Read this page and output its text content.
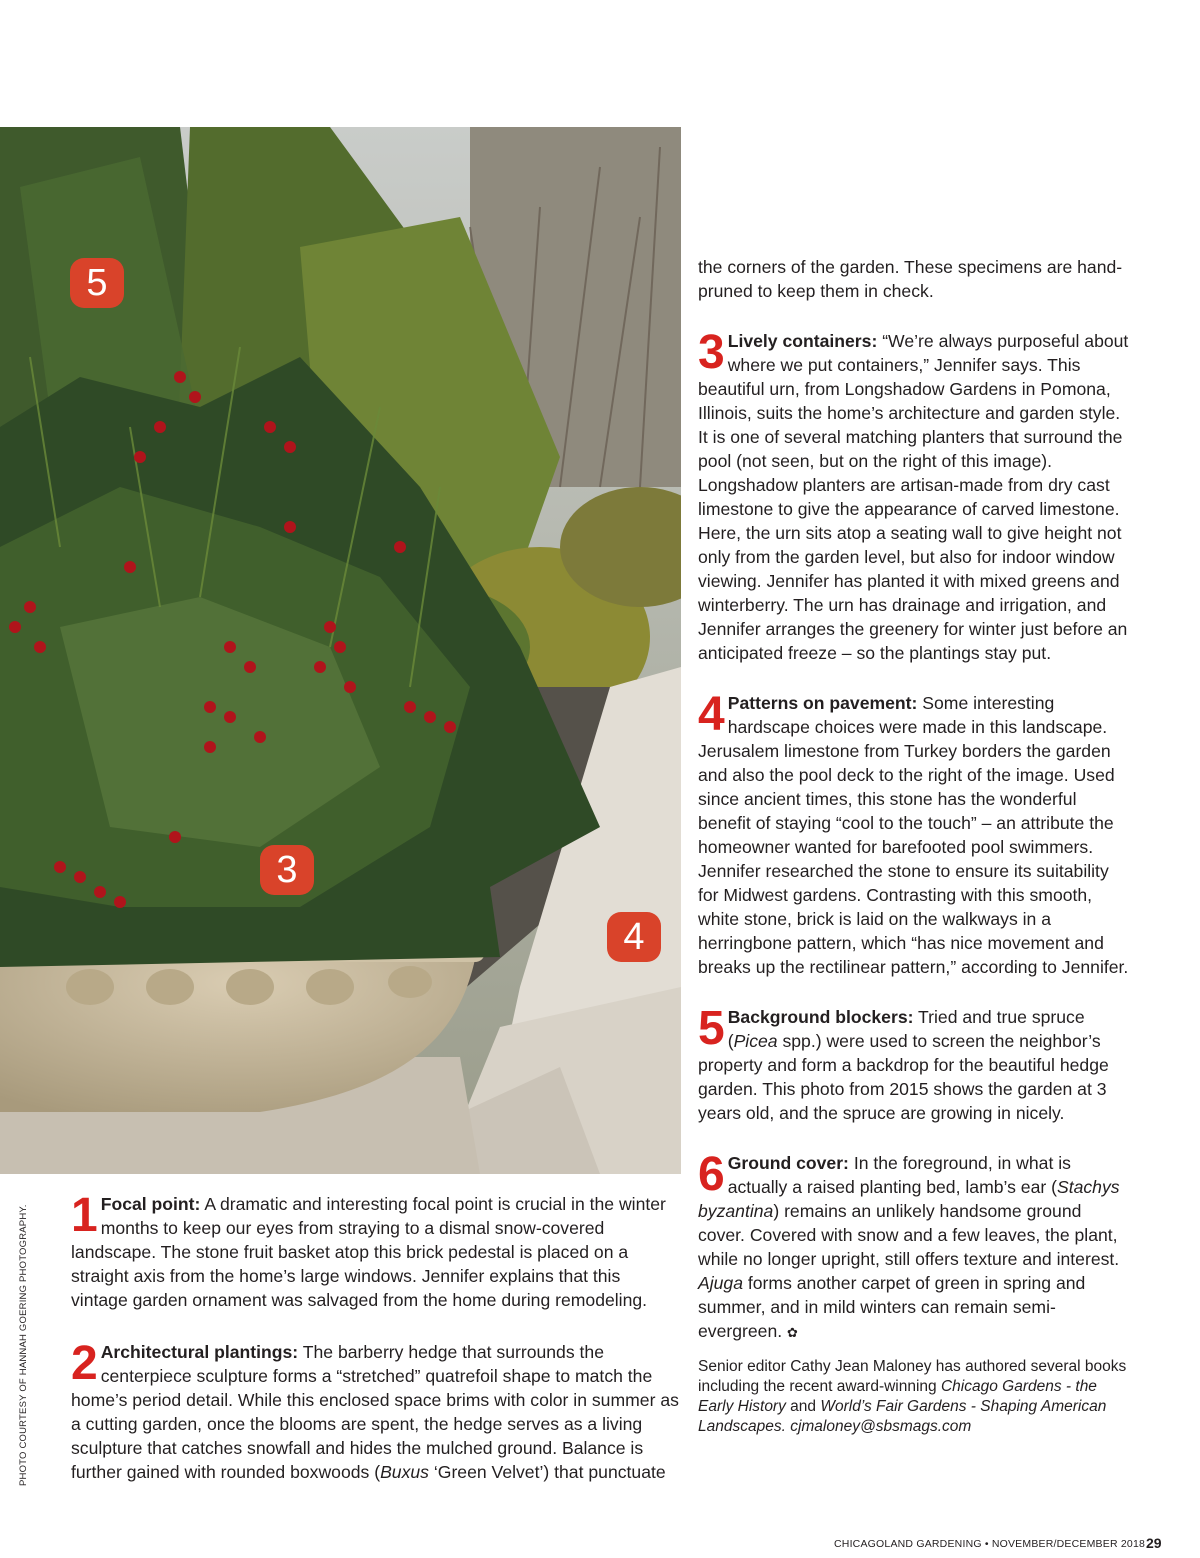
5
3
4
PHOTO COURTESY OF HANNAH GOERING PHOTOGRAPHY. 1 Focal point: A dramatic and interesting focal point is crucial in the winter months to keep our eyes from straying to a dismal snow-covered landscape. The stone fruit basket atop this brick pedestal is placed on a straight axis from the home’s large windows. Jennifer explains that this vintage garden ornament was salvaged from the home during remodeling.

2 Architectural plantings: The barberry hedge that surrounds the centerpiece sculpture forms a “stretched” quatrefoil shape to match the home’s period detail. While this enclosed space brims with color in summer as a cutting garden, once the blooms are spent, the hedge serves as a living sculpture that catches snowfall and hides the mulched ground. Balance is further gained with rounded boxwoods (Buxus ‘Green Velvet’) that punctuate

the corners of the garden. These specimens are hand-pruned to keep them in check.

3 Lively containers: “We’re always purposeful about where we put containers,” Jennifer says. This beautiful urn, from Longshadow Gardens in Pomona, Illinois, suits the home’s architecture and garden style. It is one of several matching planters that surround the pool (not seen, but on the right of this image). Longshadow planters are artisan-made from dry cast limestone to give the appearance of carved limestone. Here, the urn sits atop a seating wall to give height not only from the garden level, but also for indoor window viewing. Jennifer has planted it with mixed greens and winterberry. The urn has drainage and irrigation, and Jennifer arranges the greenery for winter just before an anticipated freeze – so the plantings stay put.

4 Patterns on pavement: Some interesting hardscape choices were made in this landscape. Jerusalem limestone from Turkey borders the garden and also the pool deck to the right of the image. Used since ancient times, this stone has the wonderful benefit of staying “cool to the touch” – an attribute the homeowner wanted for barefooted pool swimmers. Jennifer researched the stone to ensure its suitability for Midwest gardens. Contrasting with this smooth, white stone, brick is laid on the walkways in a herringbone pattern, which “has nice movement and breaks up the rectilinear pattern,” according to Jennifer.

5 Background blockers: Tried and true spruce (Picea spp.) were used to screen the neighbor’s property and form a backdrop for the beautiful hedge garden. This photo from 2015 shows the garden at 3 years old, and the spruce are growing in nicely.

6 Ground cover: In the foreground, in what is actually a raised planting bed, lamb’s ear (Stachys byzantina) remains an unlikely handsome ground cover. Covered with snow and a few leaves, the plant, while no longer upright, still offers texture and interest. Ajuga forms another carpet of green in spring and summer, and in mild winters can remain semi-evergreen. ✿

Senior editor Cathy Jean Maloney has authored several books including the recent award-winning Chicago Gardens - the Early History and World’s Fair Gardens - Shaping American Landscapes. cjmaloney@sbsmags.com

CHICAGOLAND GARDENING • NOVEMBER/DECEMBER 2018 29
